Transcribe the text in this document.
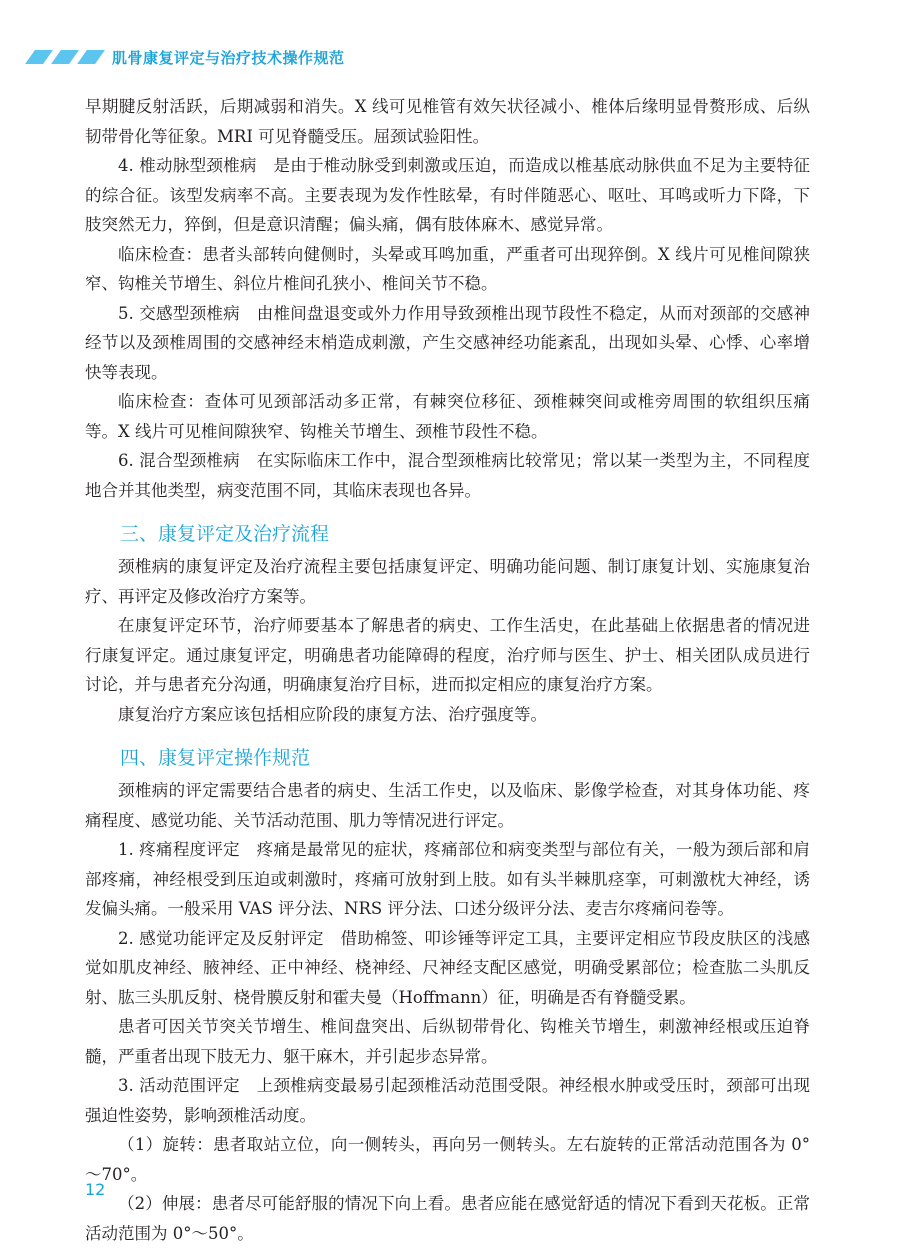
肌骨康复评定与治疗技术操作规范

早期腱反射活跃，后期减弱和消失。X 线可见椎管有效矢状径减小、椎体后缘明显骨赘形成、后纵韧带骨化等征象。MRI 可见脊髓受压。屈颈试验阳性。

4. 椎动脉型颈椎病　是由于椎动脉受到刺激或压迫，而造成以椎基底动脉供血不足为主要特征的综合征。该型发病率不高。主要表现为发作性眩晕，有时伴随恶心、呕吐、耳鸣或听力下降，下肢突然无力，猝倒，但是意识清醒；偏头痛，偶有肢体麻木、感觉异常。

临床检查：患者头部转向健侧时，头晕或耳鸣加重，严重者可出现猝倒。X 线片可见椎间隙狭窄、钩椎关节增生、斜位片椎间孔狭小、椎间关节不稳。

5. 交感型颈椎病　由椎间盘退变或外力作用导致颈椎出现节段性不稳定，从而对颈部的交感神经节以及颈椎周围的交感神经末梢造成刺激，产生交感神经功能紊乱，出现如头晕、心悸、心率增快等表现。

临床检查：查体可见颈部活动多正常，有棘突位移征、颈椎棘突间或椎旁周围的软组织压痛等。X 线片可见椎间隙狭窄、钩椎关节增生、颈椎节段性不稳。

6. 混合型颈椎病　在实际临床工作中，混合型颈椎病比较常见；常以某一类型为主，不同程度地合并其他类型，病变范围不同，其临床表现也各异。

三、康复评定及治疗流程

颈椎病的康复评定及治疗流程主要包括康复评定、明确功能问题、制订康复计划、实施康复治疗、再评定及修改治疗方案等。

在康复评定环节，治疗师要基本了解患者的病史、工作生活史，在此基础上依据患者的情况进行康复评定。通过康复评定，明确患者功能障碍的程度，治疗师与医生、护士、相关团队成员进行讨论，并与患者充分沟通，明确康复治疗目标，进而拟定相应的康复治疗方案。

康复治疗方案应该包括相应阶段的康复方法、治疗强度等。

四、康复评定操作规范

颈椎病的评定需要结合患者的病史、生活工作史，以及临床、影像学检查，对其身体功能、疼痛程度、感觉功能、关节活动范围、肌力等情况进行评定。

1. 疼痛程度评定　疼痛是最常见的症状，疼痛部位和病变类型与部位有关，一般为颈后部和肩部疼痛，神经根受到压迫或刺激时，疼痛可放射到上肢。如有头半棘肌痉挛，可刺激枕大神经，诱发偏头痛。一般采用 VAS 评分法、NRS 评分法、口述分级评分法、麦吉尔疼痛问卷等。

2. 感觉功能评定及反射评定　借助棉签、叩诊锤等评定工具，主要评定相应节段皮肤区的浅感觉如肌皮神经、腋神经、正中神经、桡神经、尺神经支配区感觉，明确受累部位；检查肱二头肌反射、肱三头肌反射、桡骨膜反射和霍夫曼（Hoffmann）征，明确是否有脊髓受累。

患者可因关节突关节增生、椎间盘突出、后纵韧带骨化、钩椎关节增生，刺激神经根或压迫脊髓，严重者出现下肢无力、躯干麻木，并引起步态异常。

3. 活动范围评定　上颈椎病变最易引起颈椎活动范围受限。神经根水肿或受压时，颈部可出现强迫性姿势，影响颈椎活动度。

（1）旋转：患者取站立位，向一侧转头，再向另一侧转头。左右旋转的正常活动范围各为 0°～70°。

（2）伸展：患者尽可能舒服的情况下向上看。患者应能在感觉舒适的情况下看到天花板。正常活动范围为 0°～50°。

12
